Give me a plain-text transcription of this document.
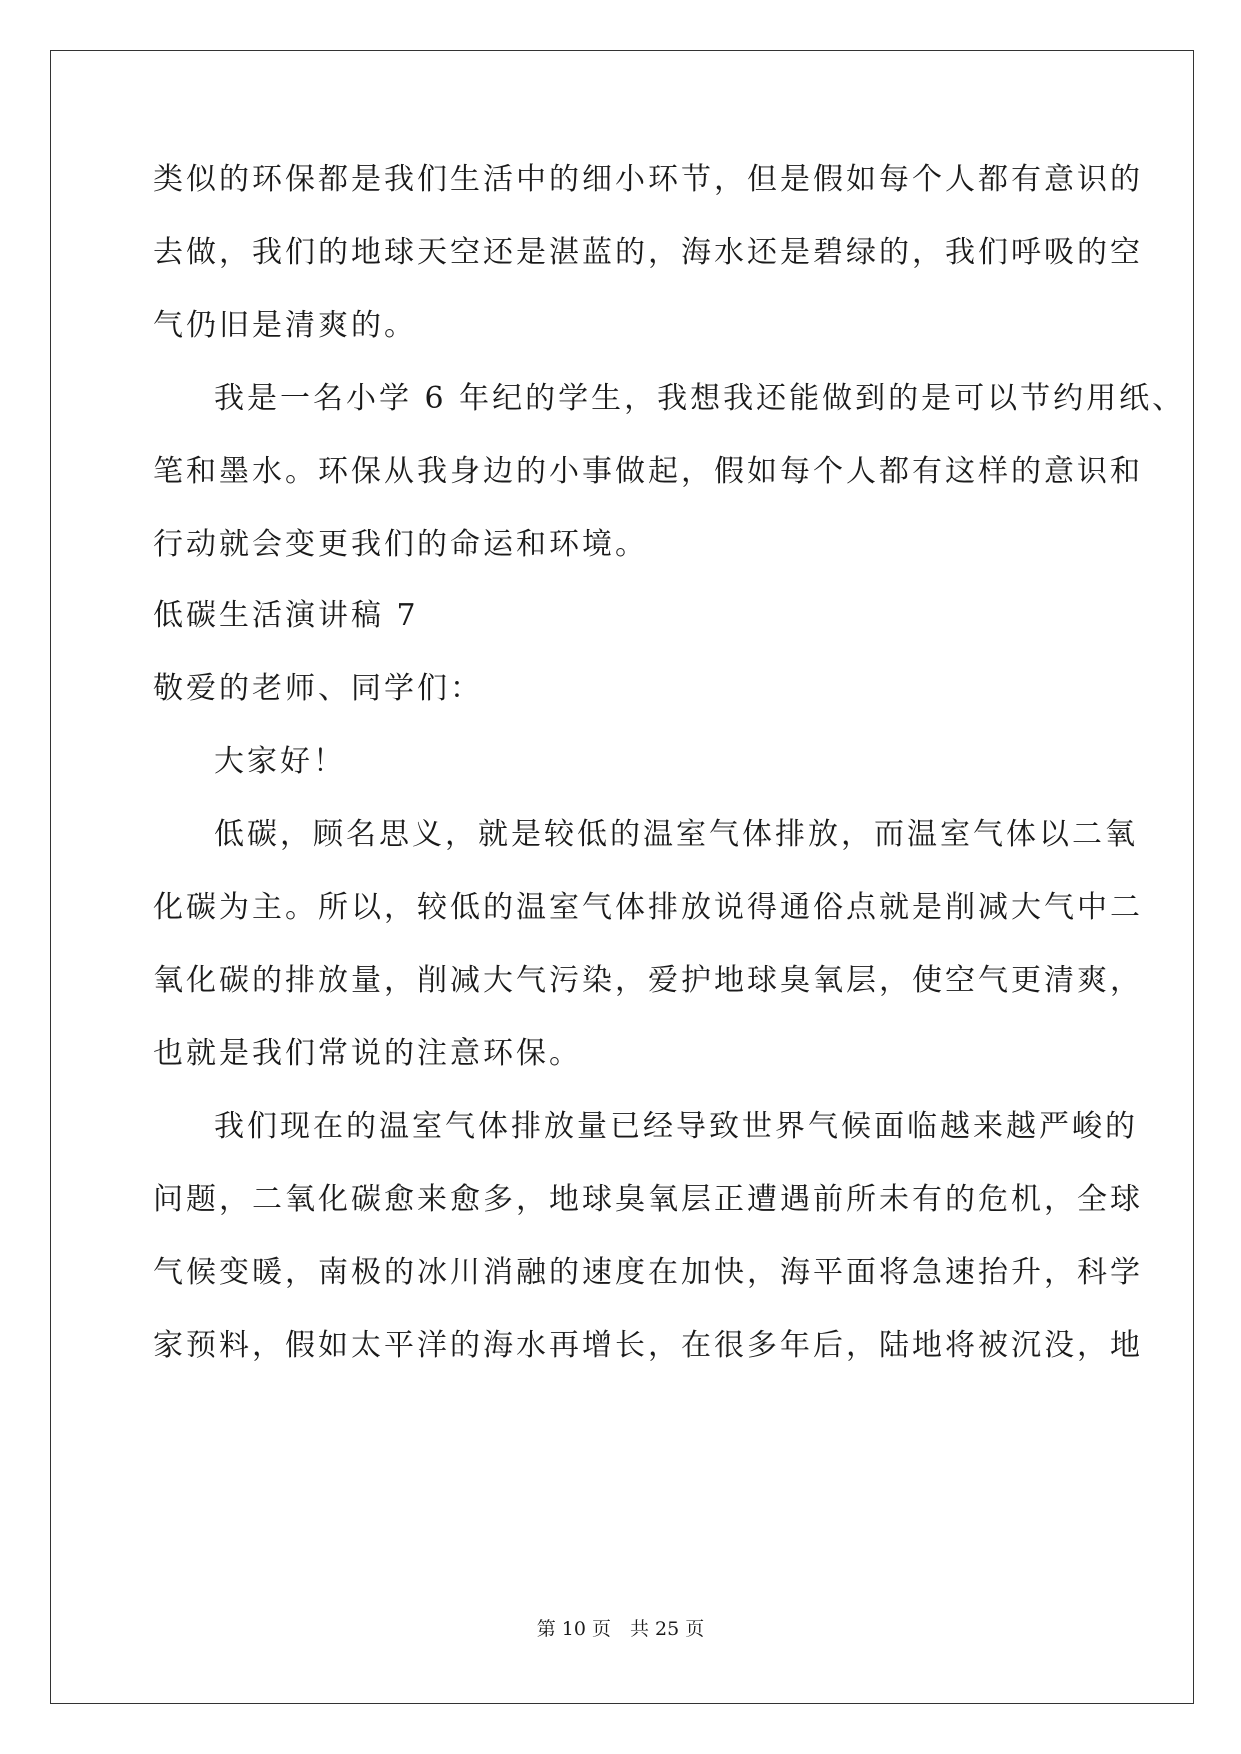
类似的环保都是我们生活中的细小环节，但是假如每个人都有意识的
去做，我们的地球天空还是湛蓝的，海水还是碧绿的，我们呼吸的空
气仍旧是清爽的。
我是一名小学 6 年纪的学生，我想我还能做到的是可以节约用纸、
笔和墨水。环保从我身边的小事做起，假如每个人都有这样的意识和
行动就会变更我们的命运和环境。
低碳生活演讲稿 7
敬爱的老师、同学们：
大家好！
低碳，顾名思义，就是较低的温室气体排放，而温室气体以二氧
化碳为主。所以，较低的温室气体排放说得通俗点就是削减大气中二
氧化碳的排放量，削减大气污染，爱护地球臭氧层，使空气更清爽，
也就是我们常说的注意环保。
我们现在的温室气体排放量已经导致世界气候面临越来越严峻的
问题，二氧化碳愈来愈多，地球臭氧层正遭遇前所未有的危机，全球
气候变暖，南极的冰川消融的速度在加快，海平面将急速抬升，科学
家预料，假如太平洋的海水再增长，在很多年后，陆地将被沉没，地
第 10 页　共 25 页
